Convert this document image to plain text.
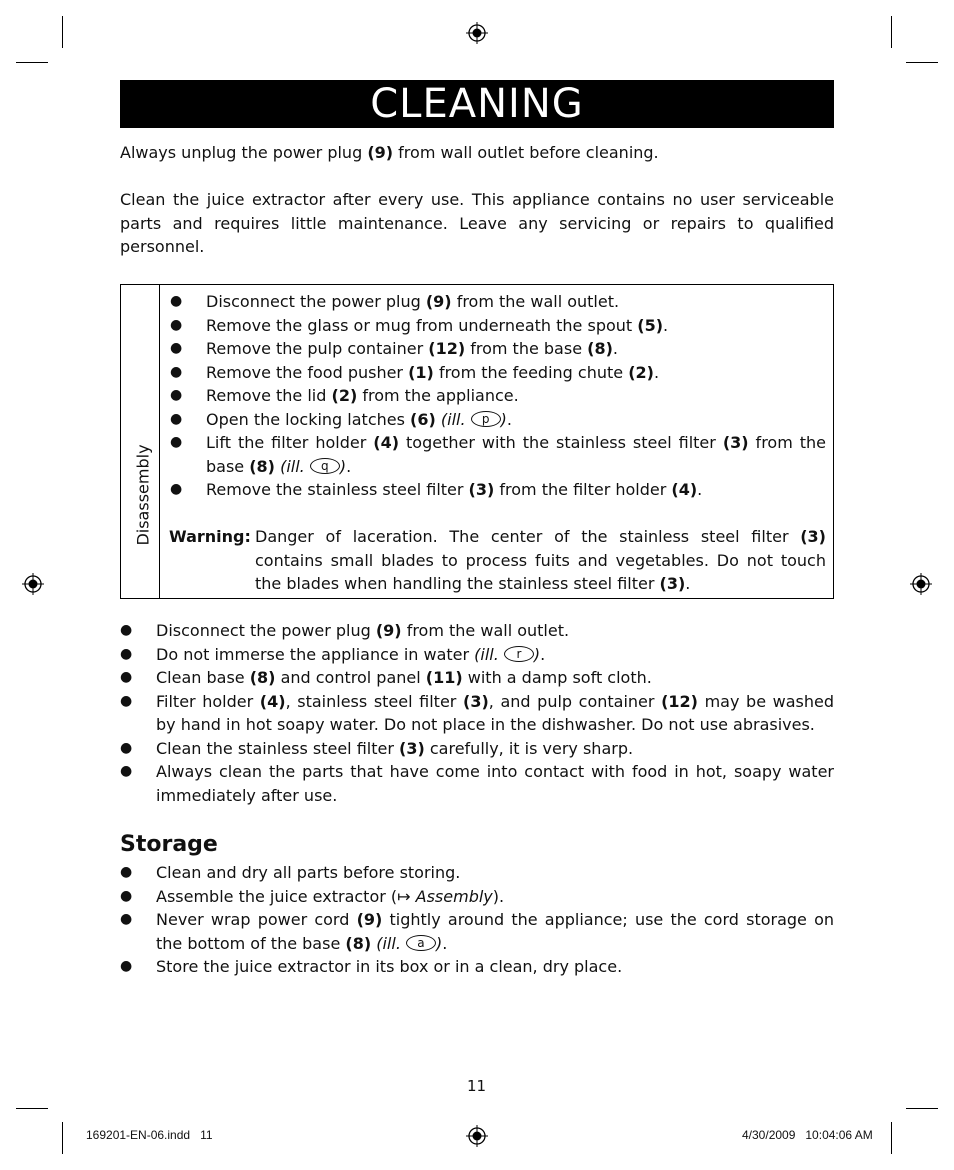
CLEANING
Always unplug the power plug (9) from wall outlet before cleaning.
Clean the juice extractor after every use. This appliance contains no user serviceable parts and requires little maintenance. Leave any servicing or repairs to qualified personnel.
Disassembly
● Disconnect the power plug (9) from the wall outlet.
● Remove the glass or mug from underneath the spout (5).
● Remove the pulp container (12) from the base (8).
● Remove the food pusher (1) from the feeding chute (2).
● Remove the lid (2) from the appliance.
● Open the locking latches (6) (ill. p ).
● Lift the filter holder (4) together with the stainless steel filter (3) from the base (8) (ill. q ).
● Remove the stainless steel filter (3) from the filter holder (4).
Warning: Danger of laceration. The center of the stainless steel filter (3) contains small blades to process fuits and vegetables. Do not touch the blades when handling the stainless steel filter (3).
● Disconnect the power plug (9) from the wall outlet.
● Do not immerse the appliance in water (ill. r ).
● Clean base (8) and control panel (11) with a damp soft cloth.
● Filter holder (4), stainless steel filter (3), and pulp container (12) may be washed by hand in hot soapy water. Do not place in the dishwasher. Do not use abrasives.
● Clean the stainless steel filter (3) carefully, it is very sharp.
● Always clean the parts that have come into contact with food in hot, soapy water immediately after use.
Storage
● Clean and dry all parts before storing.
● Assemble the juice extractor (↦ Assembly).
● Never wrap power cord (9) tightly around the appliance; use the cord storage on the bottom of the base (8) (ill. a ).
● Store the juice extractor in its box or in a clean, dry place.
11
169201-EN-06.indd   11	4/30/2009   10:04:06 AM
